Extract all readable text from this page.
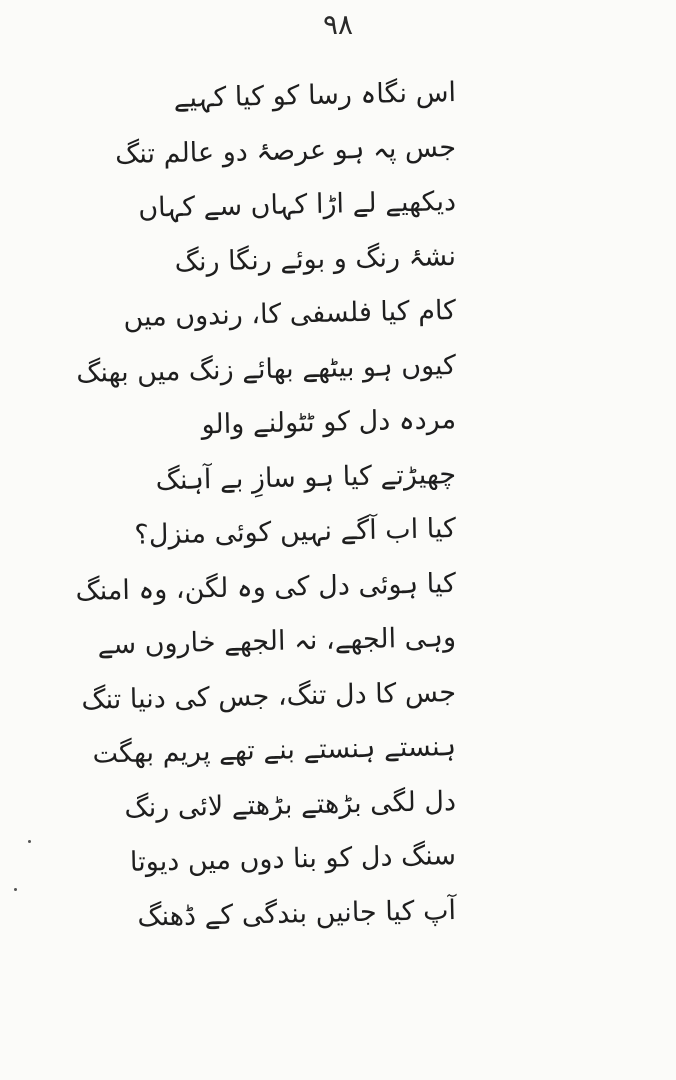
۹۸
اس نگاہ رسا کو کیا کہیے
جس پہ ہو عرصۂ دو عالم تنگ
دیکھیے لے اڑا کہاں سے کہاں
نشۂ رنگ و بوئے رنگا رنگ
کام کیا فلسفی کا، رندوں میں
کیوں ہو بیٹھے بھائے زنگ میں بھنگ
مردہ دل کو ٹٹولنے والو
چھیڑتے کیا ہو سازِ بے آہنگ
کیا اب آگے نہیں کوئی منزل؟
کیا ہوئی دل کی وہ لگن، وہ امنگ
وہی الجھے، نہ الجھے خاروں سے
جس کا دل تنگ، جس کی دنیا تنگ
ہنستے ہنستے بنے تھے پریم بھگت
دل لگی بڑھتے بڑھتے لائی رنگ
سنگ دل کو بنا دوں میں دیوتا
آپ کیا جانیں بندگی کے ڈھنگ
